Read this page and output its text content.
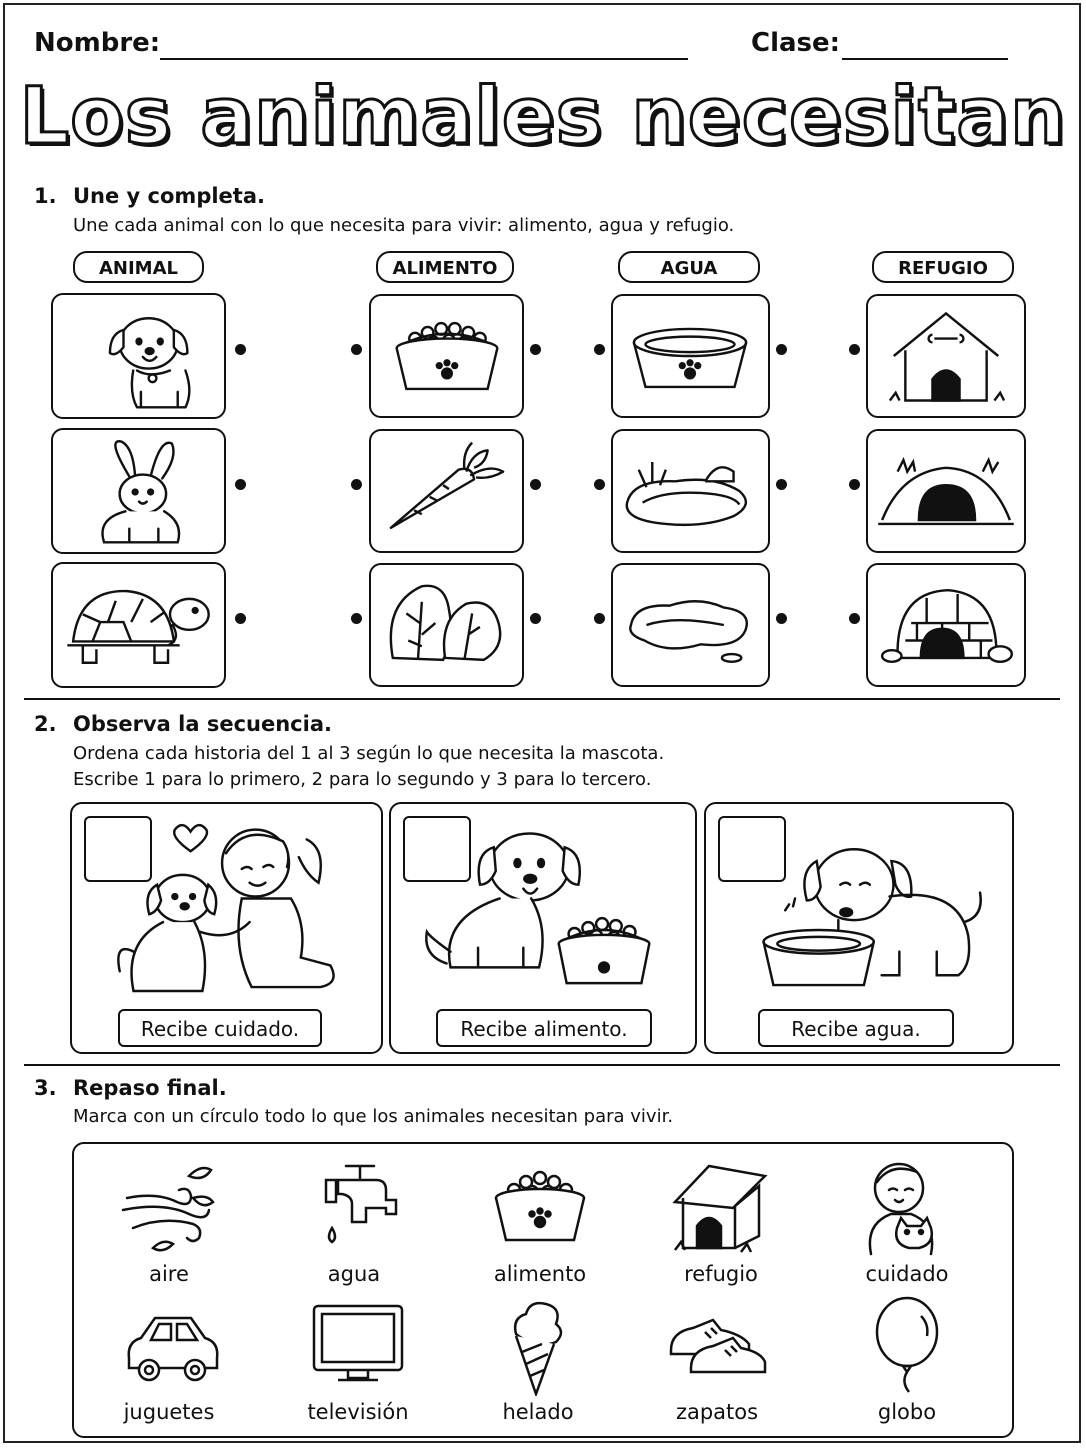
Nombre:	Clase:
Los animales necesitan
1. Une y completa.
Une cada animal con lo que necesita para vivir: alimento, agua y refugio.
ANIMAL	ALIMENTO	AGUA	REFUGIO
2. Observa la secuencia.
Ordena cada historia del 1 al 3 según lo que necesita la mascota.
Escribe 1 para lo primero, 2 para lo segundo y 3 para lo tercero.
Recibe cuidado.	Recibe alimento.	Recibe agua.
3. Repaso final.
Marca con un círculo todo lo que los animales necesitan para vivir.
aire	agua	alimento	refugio	cuidado
juguetes	televisión	helado	zapatos	globo
